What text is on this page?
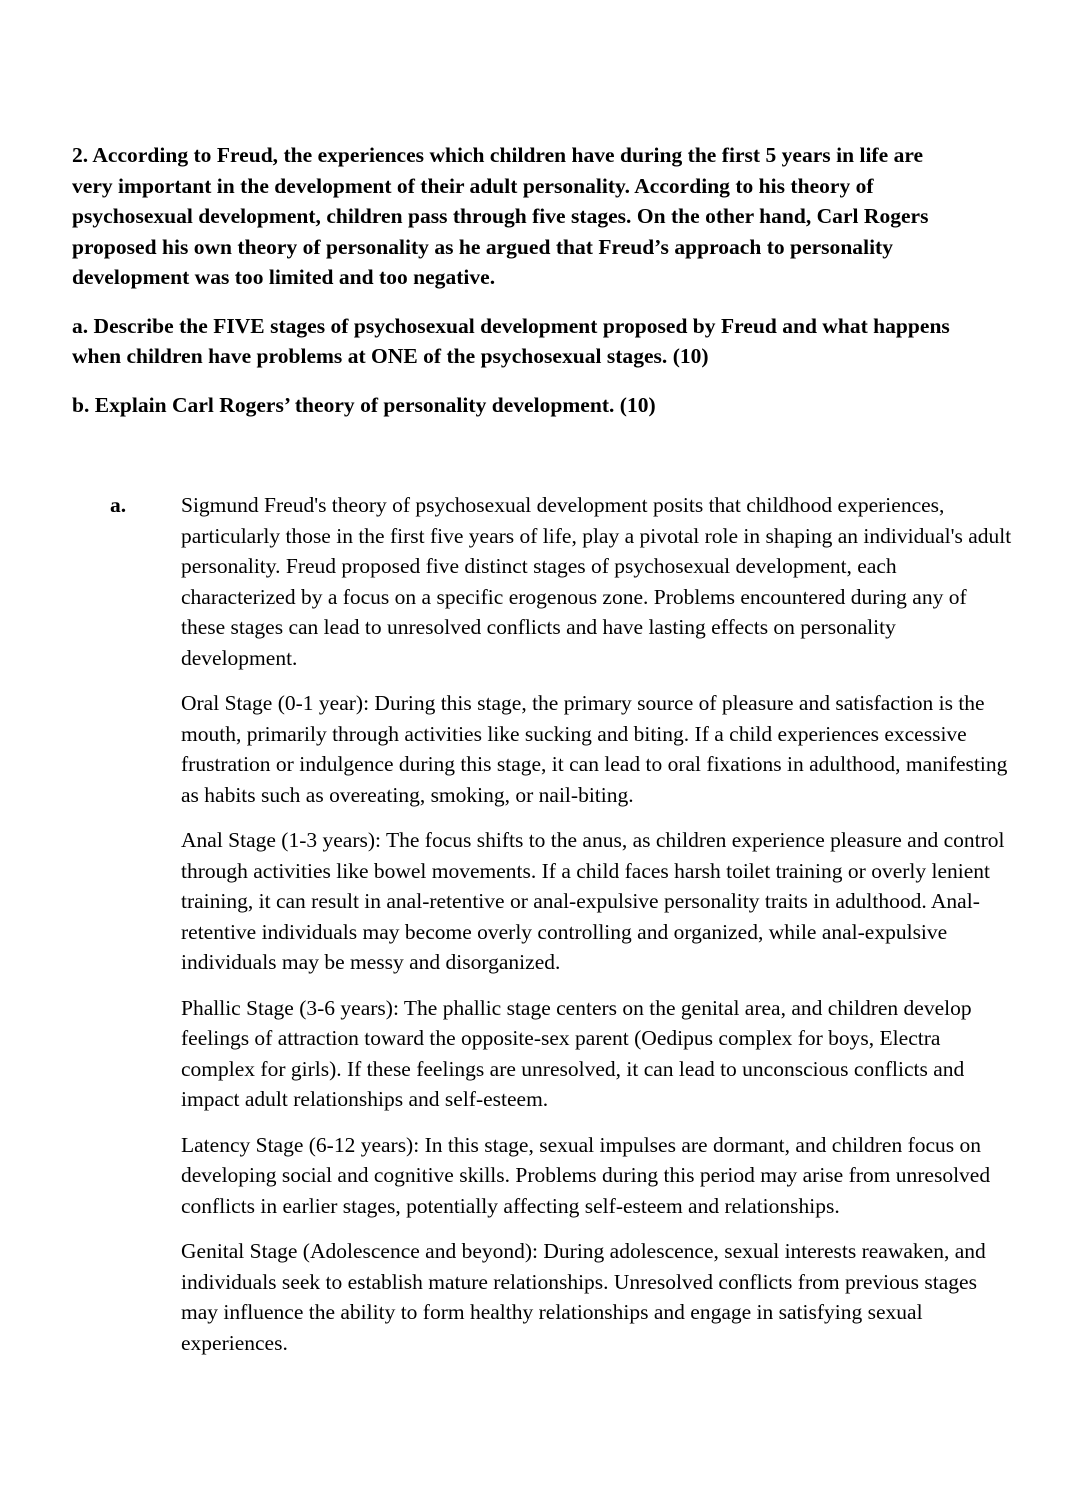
2. According to Freud, the experiences which children have during the first 5 years in life are very important in the development of their adult personality. According to his theory of psychosexual development, children pass through five stages. On the other hand, Carl Rogers proposed his own theory of personality as he argued that Freud’s approach to personality development was too limited and too negative.

a. Describe the FIVE stages of psychosexual development proposed by Freud and what happens when children have problems at ONE of the psychosexual stages. (10)

b. Explain Carl Rogers’ theory of personality development. (10)

a.	Sigmund Freud's theory of psychosexual development posits that childhood experiences, particularly those in the first five years of life, play a pivotal role in shaping an individual's adult personality. Freud proposed five distinct stages of psychosexual development, each characterized by a focus on a specific erogenous zone. Problems encountered during any of these stages can lead to unresolved conflicts and have lasting effects on personality development.

Oral Stage (0-1 year): During this stage, the primary source of pleasure and satisfaction is the mouth, primarily through activities like sucking and biting. If a child experiences excessive frustration or indulgence during this stage, it can lead to oral fixations in adulthood, manifesting as habits such as overeating, smoking, or nail-biting.

Anal Stage (1-3 years): The focus shifts to the anus, as children experience pleasure and control through activities like bowel movements. If a child faces harsh toilet training or overly lenient training, it can result in anal-retentive or anal-expulsive personality traits in adulthood. Anal-retentive individuals may become overly controlling and organized, while anal-expulsive individuals may be messy and disorganized.

Phallic Stage (3-6 years): The phallic stage centers on the genital area, and children develop feelings of attraction toward the opposite-sex parent (Oedipus complex for boys, Electra complex for girls). If these feelings are unresolved, it can lead to unconscious conflicts and impact adult relationships and self-esteem.

Latency Stage (6-12 years): In this stage, sexual impulses are dormant, and children focus on developing social and cognitive skills. Problems during this period may arise from unresolved conflicts in earlier stages, potentially affecting self-esteem and relationships.

Genital Stage (Adolescence and beyond): During adolescence, sexual interests reawaken, and individuals seek to establish mature relationships. Unresolved conflicts from previous stages may influence the ability to form healthy relationships and engage in satisfying sexual experiences.
